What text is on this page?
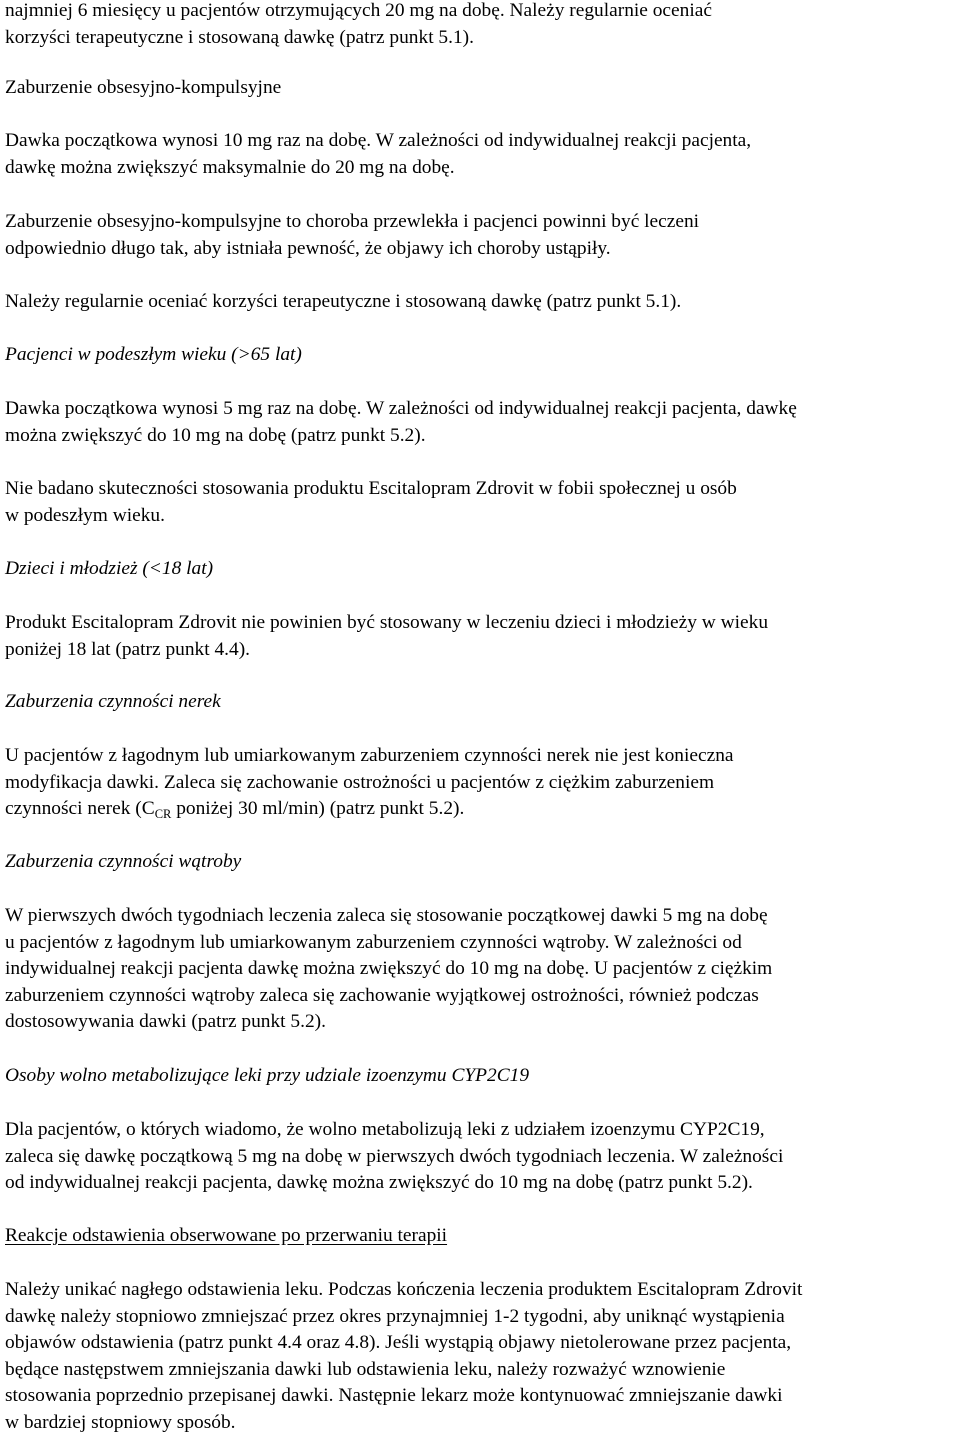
najmniej 6 miesięcy u pacjentów otrzymujących 20 mg na dobę. Należy regularnie oceniać
korzyści terapeutyczne i stosowaną dawkę (patrz punkt 5.1).

Zaburzenie obsesyjno-kompulsyjne

Dawka początkowa wynosi 10 mg raz na dobę. W zależności od indywidualnej reakcji pacjenta,
dawkę można zwiększyć maksymalnie do 20 mg na dobę.

Zaburzenie obsesyjno-kompulsyjne to choroba przewlekła i pacjenci powinni być leczeni
odpowiednio długo tak, aby istniała pewność, że objawy ich choroby ustąpiły.

Należy regularnie oceniać korzyści terapeutyczne i stosowaną dawkę (patrz punkt 5.1).

Pacjenci w podeszłym wieku (>65 lat)

Dawka początkowa wynosi 5 mg raz na dobę. W zależności od indywidualnej reakcji pacjenta, dawkę
można zwiększyć do 10 mg na dobę (patrz punkt 5.2).

Nie badano skuteczności stosowania produktu Escitalopram Zdrovit w fobii społecznej u osób
w podeszłym wieku.

Dzieci i młodzież (<18 lat)

Produkt Escitalopram Zdrovit nie powinien być stosowany w leczeniu dzieci i młodzieży w wieku
poniżej 18 lat (patrz punkt 4.4).

Zaburzenia czynności nerek

U pacjentów z łagodnym lub umiarkowanym zaburzeniem czynności nerek nie jest konieczna
modyfikacja dawki. Zaleca się zachowanie ostrożności u pacjentów z ciężkim zaburzeniem
czynności nerek ($C_{CR}$ poniżej 30 ml/min) (patrz punkt 5.2).

Zaburzenia czynności wątroby

W pierwszych dwóch tygodniach leczenia zaleca się stosowanie początkowej dawki 5 mg na dobę
u pacjentów z łagodnym lub umiarkowanym zaburzeniem czynności wątroby. W zależności od
indywidualnej reakcji pacjenta dawkę można zwiększyć do 10 mg na dobę. U pacjentów z ciężkim
zaburzeniem czynności wątroby zaleca się zachowanie wyjątkowej ostrożności, również podczas
dostosowywania dawki (patrz punkt 5.2).

Osoby wolno metabolizujące leki przy udziale izoenzymu CYP2C19

Dla pacjentów, o których wiadomo, że wolno metabolizują leki z udziałem izoenzymu CYP2C19,
zaleca się dawkę początkową 5 mg na dobę w pierwszych dwóch tygodniach leczenia. W zależności
od indywidualnej reakcji pacjenta, dawkę można zwiększyć do 10 mg na dobę (patrz punkt 5.2).

Reakcje odstawienia obserwowane po przerwaniu terapii

Należy unikać nagłego odstawienia leku. Podczas kończenia leczenia produktem Escitalopram Zdrovit
dawkę należy stopniowo zmniejszać przez okres przynajmniej 1-2 tygodni, aby uniknąć wystąpienia
objawów odstawienia (patrz punkt 4.4 oraz 4.8). Jeśli wystąpią objawy nietolerowane przez pacjenta,
będące następstwem zmniejszania dawki lub odstawienia leku, należy rozważyć wznowienie
stosowania poprzednio przepisanej dawki. Następnie lekarz może kontynuować zmniejszanie dawki
w bardziej stopniowy sposób.
